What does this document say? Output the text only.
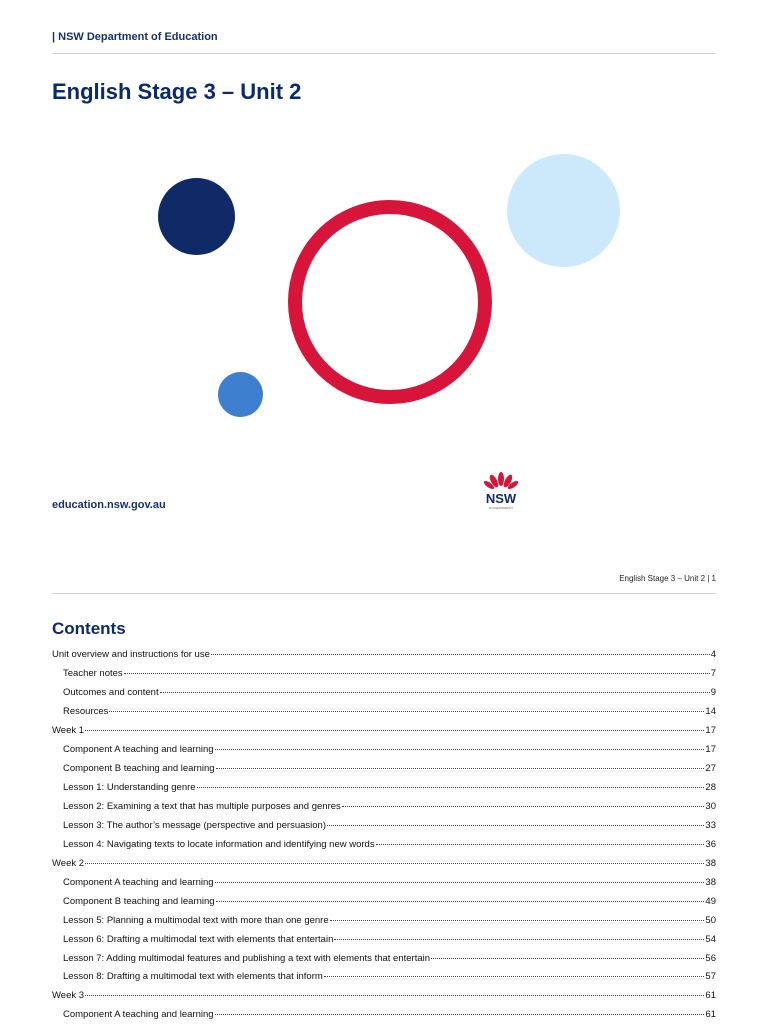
| NSW Department of Education
English Stage 3 – Unit 2
education.nsw.gov.au	NSW
GOVERNMENT
English Stage 3 – Unit 2 | 1
Contents
Unit overview and instructions for use	4
Teacher notes	7
Outcomes and content	9
Resources	14
Week 1	17
Component A teaching and learning	17
Component B teaching and learning	27
Lesson 1: Understanding genre	28
Lesson 2: Examining a text that has multiple purposes and genres	30
Lesson 3: The author’s message (perspective and persuasion)	33
Lesson 4: Navigating texts to locate information and identifying new words	36
Week 2	38
Component A teaching and learning	38
Component B teaching and learning	49
Lesson 5: Planning a multimodal text with more than one genre	50
Lesson 6: Drafting a multimodal text with elements that entertain	54
Lesson 7: Adding multimodal features and publishing a text with elements that entertain	56
Lesson 8: Drafting a multimodal text with elements that inform	57
Week 3	61
Component A teaching and learning	61
